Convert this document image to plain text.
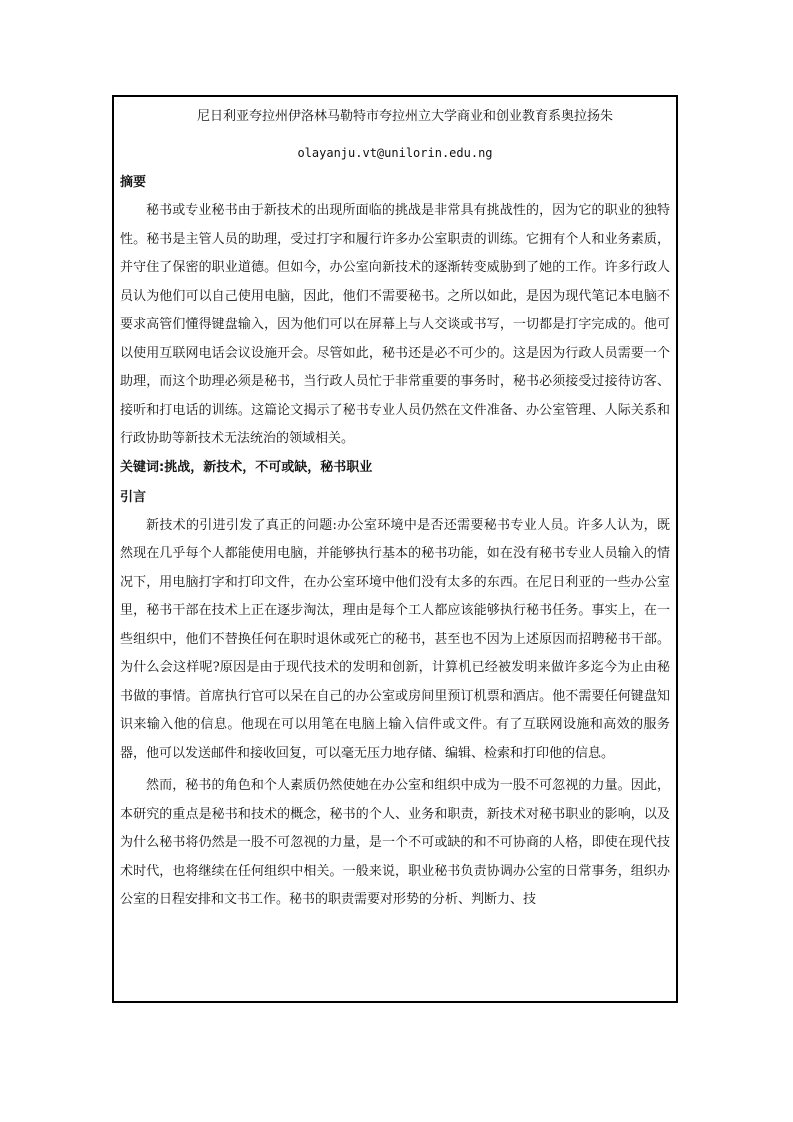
尼日利亚夸拉州伊洛林马勒特市夸拉州立大学商业和创业教育系奥拉扬朱

olayanju.vt@unilorin.edu.ng

摘要

秘书或专业秘书由于新技术的出现所面临的挑战是非常具有挑战性的，因为它的职业的独特性。秘书是主管人员的助理，受过打字和履行许多办公室职责的训练。它拥有个人和业务素质，并守住了保密的职业道德。但如今，办公室向新技术的逐渐转变威胁到了她的工作。许多行政人员认为他们可以自己使用电脑，因此，他们不需要秘书。之所以如此，是因为现代笔记本电脑不要求高管们懂得键盘输入，因为他们可以在屏幕上与人交谈或书写，一切都是打字完成的。他可以使用互联网电话会议设施开会。尽管如此，秘书还是必不可少的。这是因为行政人员需要一个助理，而这个助理必须是秘书，当行政人员忙于非常重要的事务时，秘书必须接受过接待访客、接听和打电话的训练。这篇论文揭示了秘书专业人员仍然在文件准备、办公室管理、人际关系和行政协助等新技术无法统治的领域相关。

关键词:挑战，新技术，不可或缺，秘书职业

引言

新技术的引进引发了真正的问题:办公室环境中是否还需要秘书专业人员。许多人认为，既然现在几乎每个人都能使用电脑，并能够执行基本的秘书功能，如在没有秘书专业人员输入的情况下，用电脑打字和打印文件，在办公室环境中他们没有太多的东西。在尼日利亚的一些办公室里，秘书干部在技术上正在逐步淘汰，理由是每个工人都应该能够执行秘书任务。事实上，在一些组织中，他们不替换任何在职时退休或死亡的秘书，甚至也不因为上述原因而招聘秘书干部。为什么会这样呢?原因是由于现代技术的发明和创新，计算机已经被发明来做许多迄今为止由秘书做的事情。首席执行官可以呆在自己的办公室或房间里预订机票和酒店。他不需要任何键盘知识来输入他的信息。他现在可以用笔在电脑上输入信件或文件。有了互联网设施和高效的服务器，他可以发送邮件和接收回复，可以毫无压力地存储、编辑、检索和打印他的信息。

然而，秘书的角色和个人素质仍然使她在办公室和组织中成为一股不可忽视的力量。因此，本研究的重点是秘书和技术的概念，秘书的个人、业务和职责，新技术对秘书职业的影响，以及为什么秘书将仍然是一股不可忽视的力量，是一个不可或缺的和不可协商的人格，即使在现代技术时代，也将继续在任何组织中相关。一般来说，职业秘书负责协调办公室的日常事务，组织办公室的日程安排和文书工作。秘书的职责需要对形势的分析、判断力、技
